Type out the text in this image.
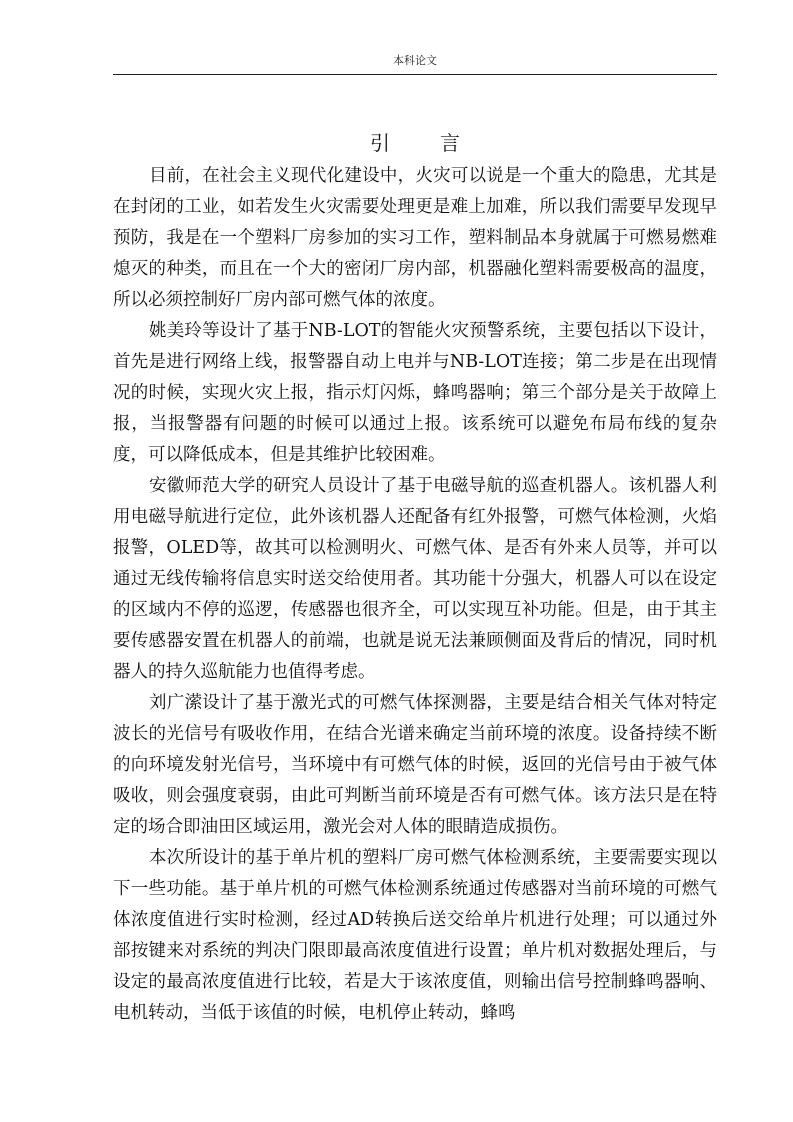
本科论文
引言

目前，在社会主义现代化建设中，火灾可以说是一个重大的隐患，尤其是在封闭的工业，如若发生火灾需要处理更是难上加难，所以我们需要早发现早预防，我是在一个塑料厂房参加的实习工作，塑料制品本身就属于可燃易燃难熄灭的种类，而且在一个大的密闭厂房内部，机器融化塑料需要极高的温度，所以必须控制好厂房内部可燃气体的浓度。

姚美玲等设计了基于NB-LOT的智能火灾预警系统，主要包括以下设计，首先是进行网络上线，报警器自动上电并与NB-LOT连接；第二步是在出现情况的时候，实现火灾上报，指示灯闪烁，蜂鸣器响；第三个部分是关于故障上报，当报警器有问题的时候可以通过上报。该系统可以避免布局布线的复杂度，可以降低成本，但是其维护比较困难。

安徽师范大学的研究人员设计了基于电磁导航的巡查机器人。该机器人利用电磁导航进行定位，此外该机器人还配备有红外报警，可燃气体检测，火焰报警，OLED等，故其可以检测明火、可燃气体、是否有外来人员等，并可以通过无线传输将信息实时送交给使用者。其功能十分强大，机器人可以在设定的区域内不停的巡逻，传感器也很齐全，可以实现互补功能。但是，由于其主要传感器安置在机器人的前端，也就是说无法兼顾侧面及背后的情况，同时机器人的持久巡航能力也值得考虑。

刘广潆设计了基于激光式的可燃气体探测器，主要是结合相关气体对特定波长的光信号有吸收作用，在结合光谱来确定当前环境的浓度。设备持续不断的向环境发射光信号，当环境中有可燃气体的时候，返回的光信号由于被气体吸收，则会强度衰弱，由此可判断当前环境是否有可燃气体。该方法只是在特定的场合即油田区域运用，激光会对人体的眼睛造成损伤。

本次所设计的基于单片机的塑料厂房可燃气体检测系统，主要需要实现以下一些功能。基于单片机的可燃气体检测系统通过传感器对当前环境的可燃气体浓度值进行实时检测，经过AD转换后送交给单片机进行处理；可以通过外部按键来对系统的判决门限即最高浓度值进行设置；单片机对数据处理后，与设定的最高浓度值进行比较，若是大于该浓度值，则输出信号控制蜂鸣器响、电机转动，当低于该值的时候，电机停止转动，蜂鸣
